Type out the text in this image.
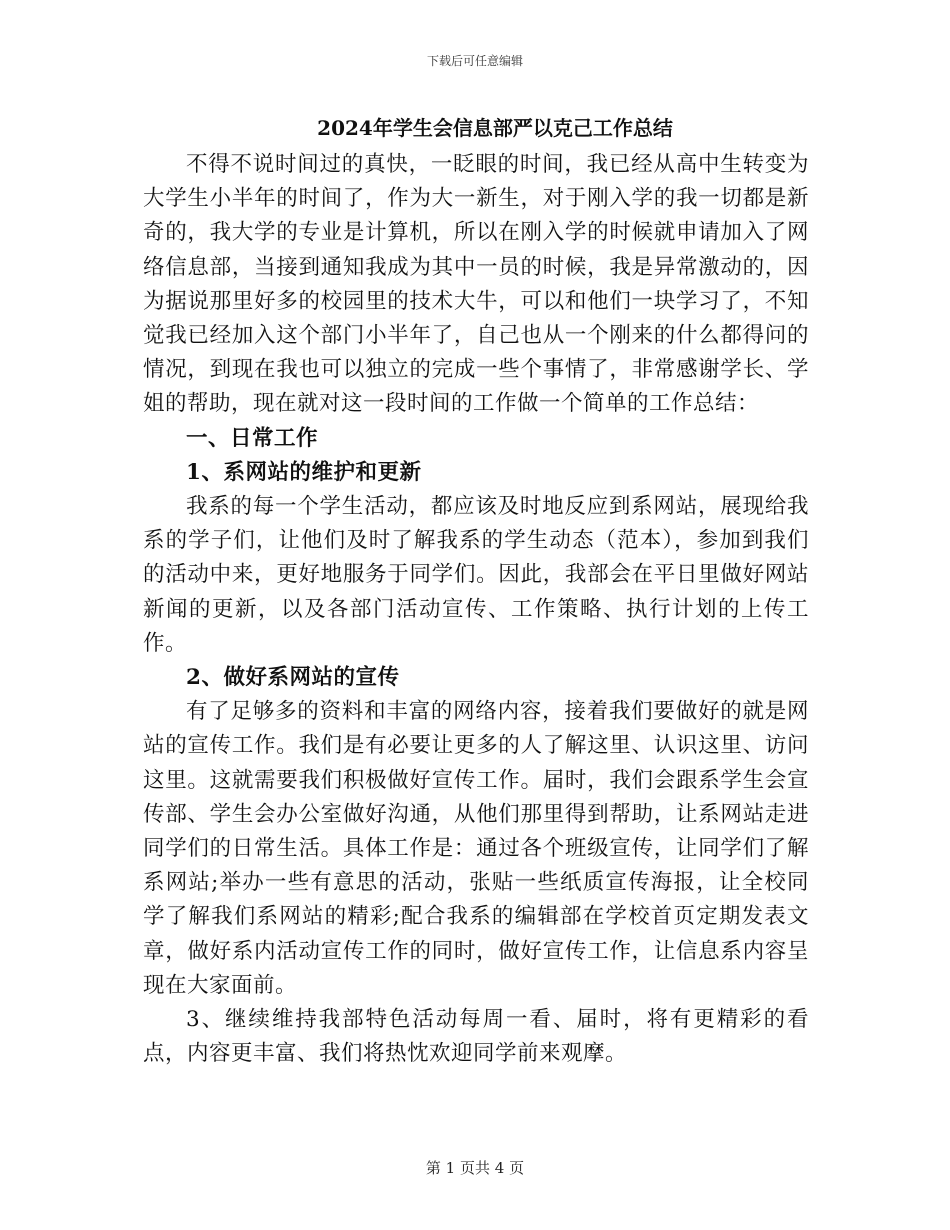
下载后可任意编辑
2024年学生会信息部严以克己工作总结

不得不说时间过的真快，一眨眼的时间，我已经从高中生转变为大学生小半年的时间了，作为大一新生，对于刚入学的我一切都是新奇的，我大学的专业是计算机，所以在刚入学的时候就申请加入了网络信息部，当接到通知我成为其中一员的时候，我是异常激动的，因为据说那里好多的校园里的技术大牛，可以和他们一块学习了，不知觉我已经加入这个部门小半年了，自己也从一个刚来的什么都得问的情况，到现在我也可以独立的完成一些个事情了，非常感谢学长、学姐的帮助，现在就对这一段时间的工作做一个简单的工作总结：

一、日常工作

1、系网站的维护和更新

我系的每一个学生活动，都应该及时地反应到系网站，展现给我系的学子们，让他们及时了解我系的学生动态（范本），参加到我们的活动中来，更好地服务于同学们。因此，我部会在平日里做好网站新闻的更新，以及各部门活动宣传、工作策略、执行计划的上传工作。

2、做好系网站的宣传

有了足够多的资料和丰富的网络内容，接着我们要做好的就是网站的宣传工作。我们是有必要让更多的人了解这里、认识这里、访问这里。这就需要我们积极做好宣传工作。届时，我们会跟系学生会宣传部、学生会办公室做好沟通，从他们那里得到帮助，让系网站走进同学们的日常生活。具体工作是：通过各个班级宣传，让同学们了解系网站;举办一些有意思的活动，张贴一些纸质宣传海报，让全校同学了解我们系网站的精彩;配合我系的编辑部在学校首页定期发表文章，做好系内活动宣传工作的同时，做好宣传工作，让信息系内容呈现在大家面前。

3、继续维持我部特色活动每周一看、届时，将有更精彩的看点，内容更丰富、我们将热忱欢迎同学前来观摩。

第 1 页共 4 页
